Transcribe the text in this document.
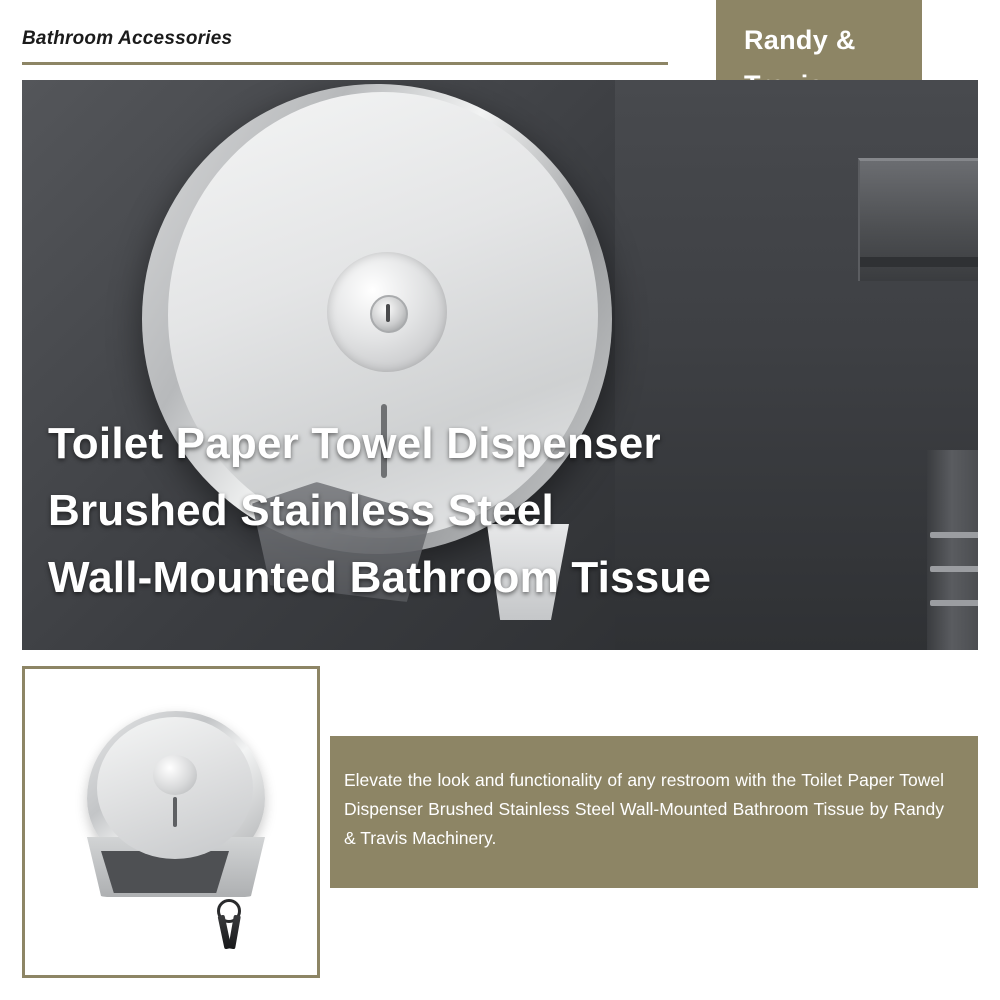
Bathroom Accessories	Randy &
Toilet Paper Towel Dispenser
Brushed Stainless Steel
Wall-Mounted Bathroom Tissue
Elevate the look and functionality of any restroom with the Toilet Paper Towel Dispenser Brushed Stainless Steel Wall-Mounted Bathroom Tissue by Randy & Travis Machinery.
